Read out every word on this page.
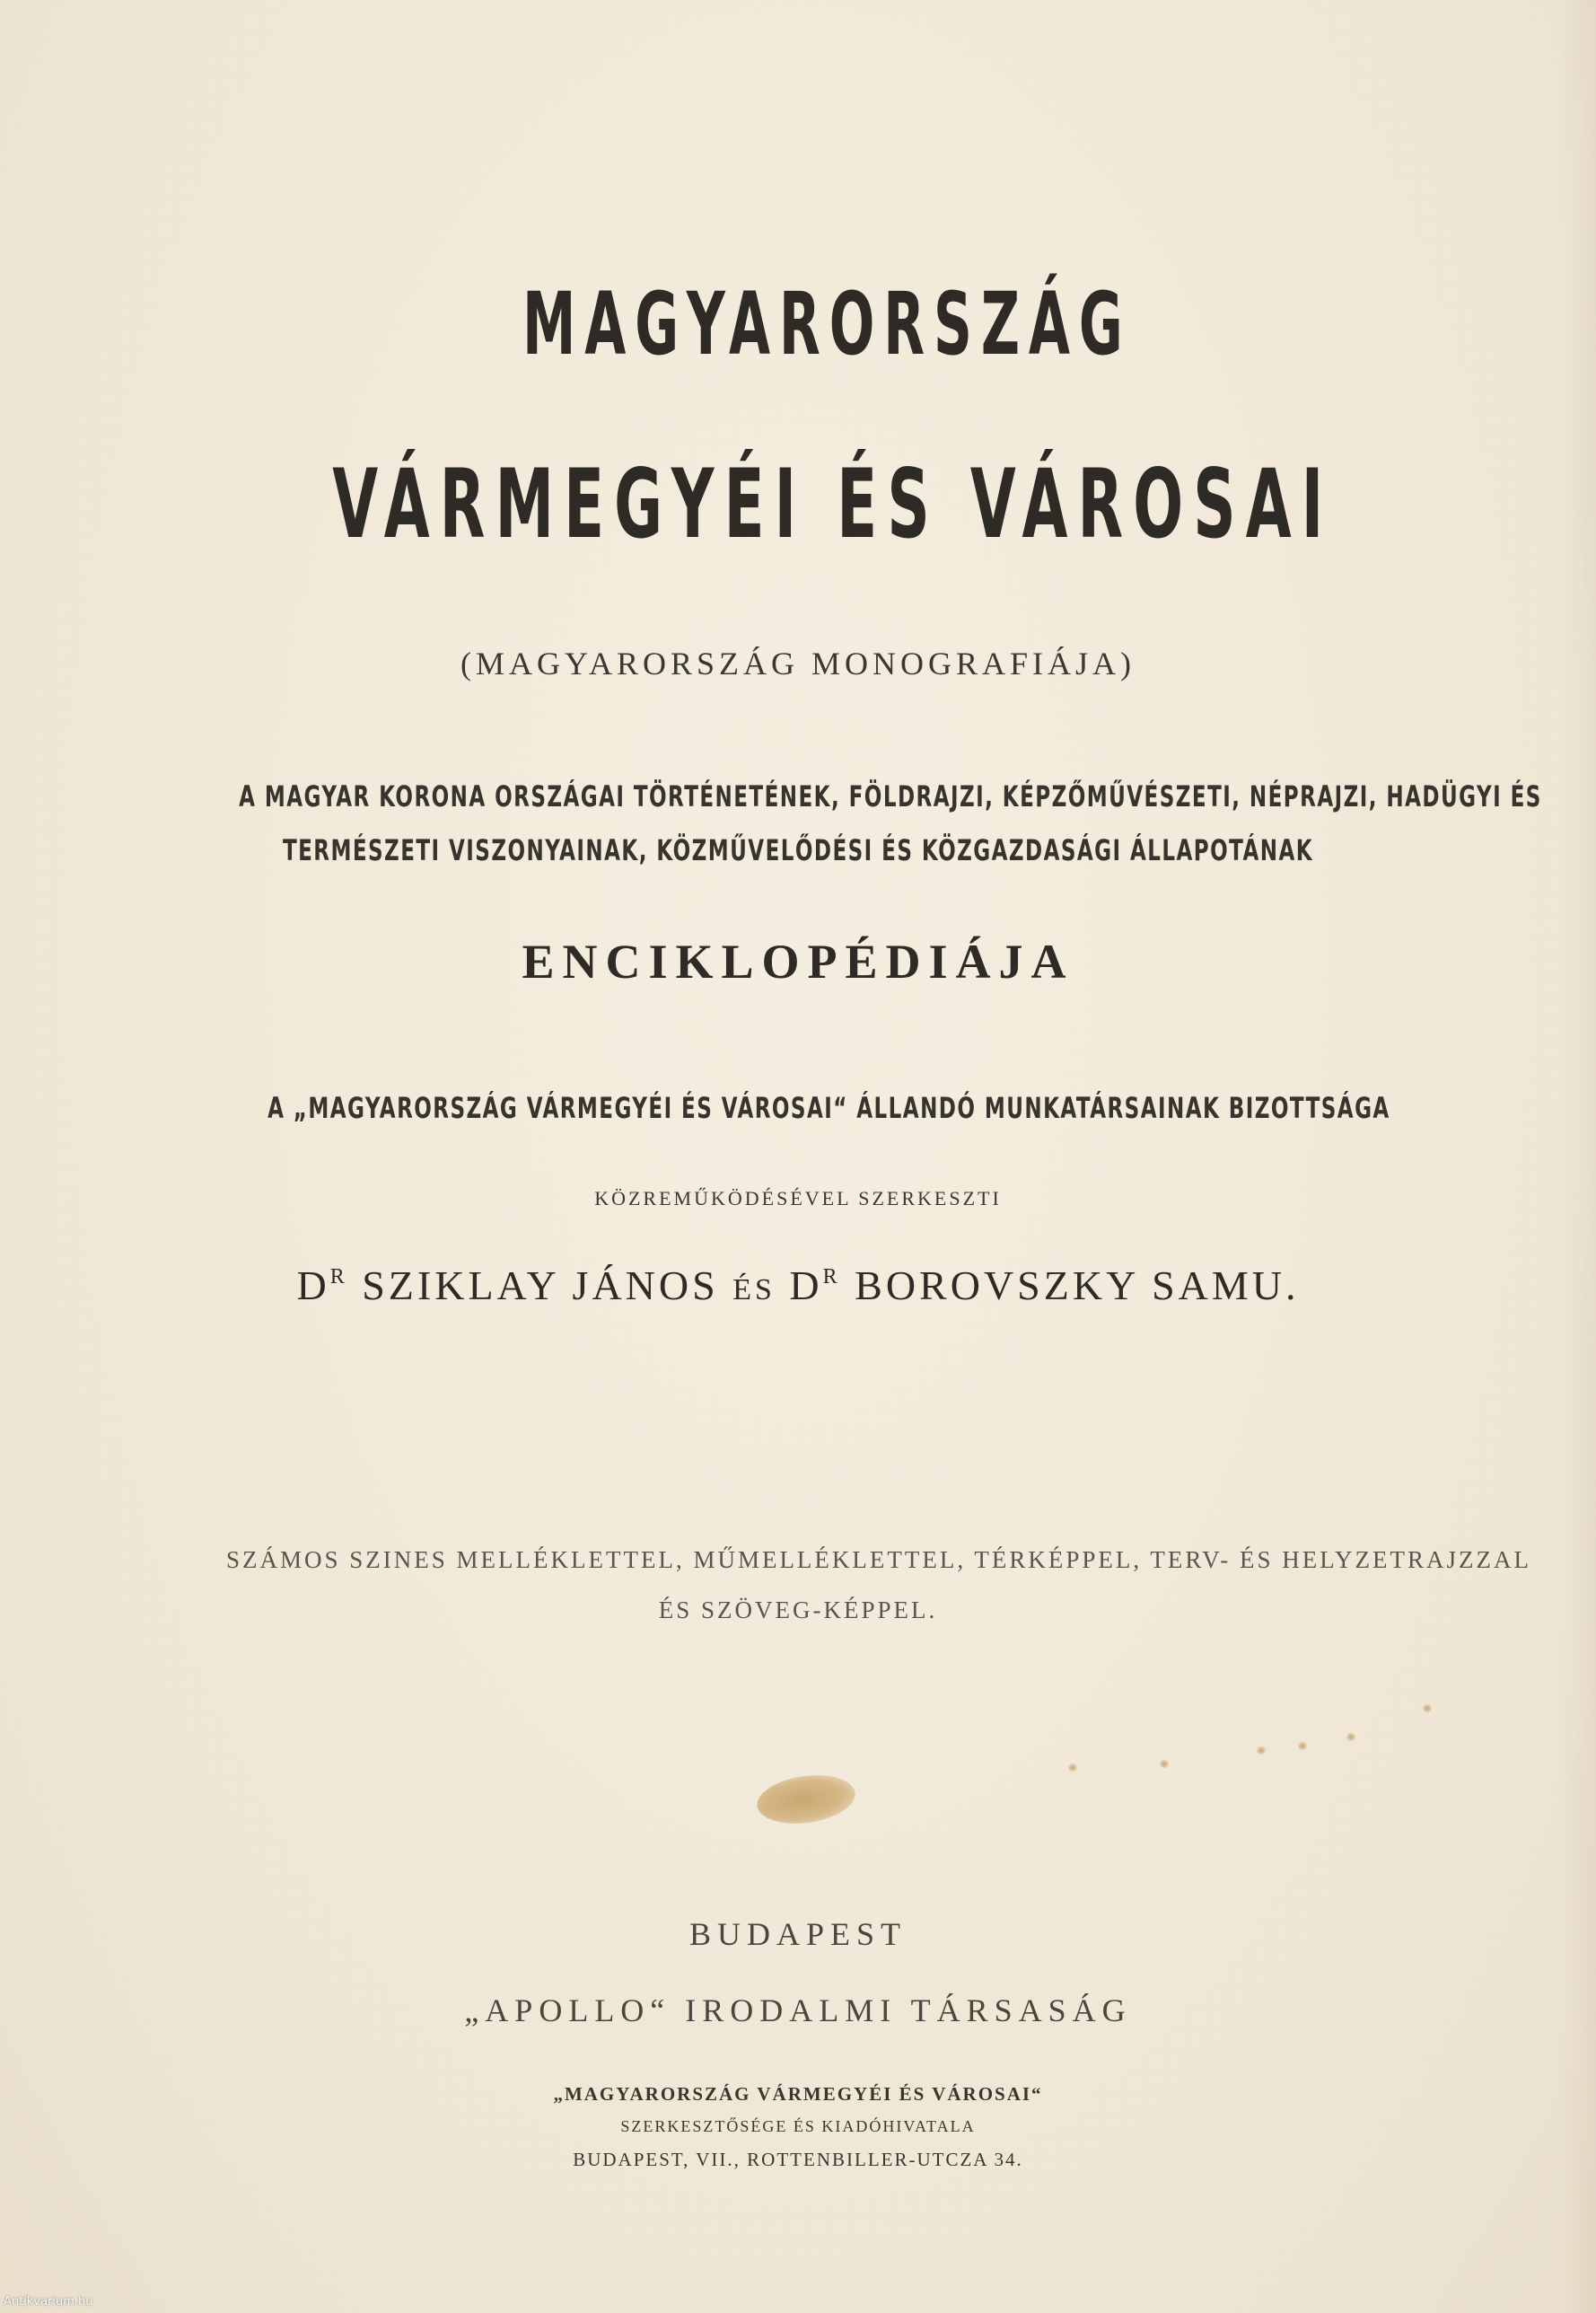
MAGYARORSZÁG
VÁRMEGYÉI ÉS VÁROSAI
(MAGYARORSZÁG MONOGRAFIÁJA)
A MAGYAR KORONA ORSZÁGAI TÖRTÉNETÉNEK, FÖLDRAJZI, KÉPZŐMŰVÉSZETI, NÉPRAJZI, HADÜGYI ÉS
TERMÉSZETI VISZONYAINAK, KÖZMŰVELŐDÉSI ÉS KÖZGAZDASÁGI ÁLLAPOTÁNAK
ENCIKLOPÉDIÁJA
A „MAGYARORSZÁG VÁRMEGYÉI ÉS VÁROSAI“ ÁLLANDÓ MUNKATÁRSAINAK BIZOTTSÁGA
KÖZREMŰKÖDÉSÉVEL SZERKESZTI
$D^R$ SZIKLAY JÁNOS ÉS $D^R$ BOROVSZKY SAMU.
SZÁMOS SZINES MELLÉKLETTEL, MŰMELLÉKLETTEL, TÉRKÉPPEL, TERV- ÉS HELYZETRAJZZAL
ÉS SZÖVEG-KÉPPEL.
BUDAPEST
„APOLLO“ IRODALMI TÁRSASÁG
„MAGYARORSZÁG VÁRMEGYÉI ÉS VÁROSAI“
SZERKESZTŐSÉGE ÉS KIADÓHIVATALA
BUDAPEST, VII., ROTTENBILLER-UTCZA 34.
Antikvarium.hu
